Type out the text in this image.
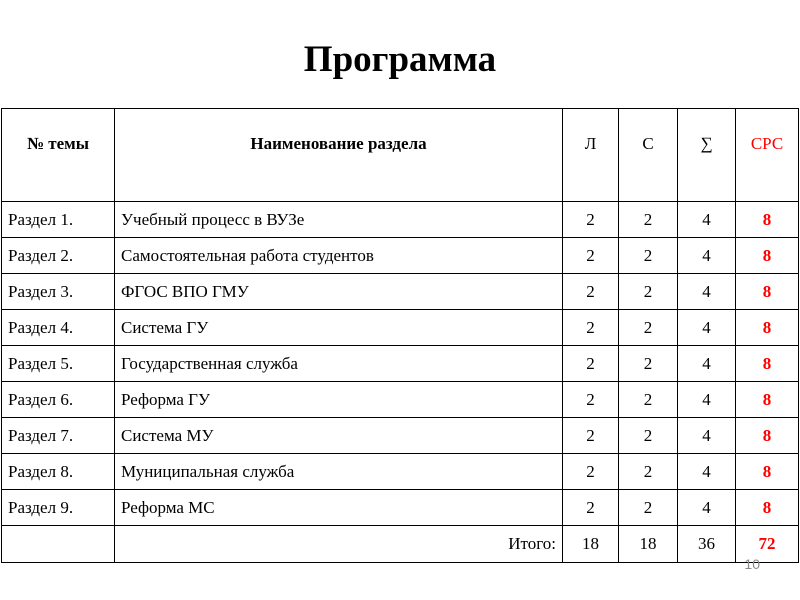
Программа
№ темы	Наименование раздела	Л	С	∑	СРС
Раздел 1.	Учебный процесс в ВУЗе	2	2	4	8
Раздел 2.	Самостоятельная работа студентов	2	2	4	8
Раздел 3.	ФГОС ВПО ГМУ	2	2	4	8
Раздел 4.	Система ГУ	2	2	4	8
Раздел 5.	Государственная служба	2	2	4	8
Раздел 6.	Реформа ГУ	2	2	4	8
Раздел 7.	Система МУ	2	2	4	8
Раздел 8.	Муниципальная служба	2	2	4	8
Раздел 9.	Реформа МС	2	2	4	8
	Итого:	18	18	36	72
10
